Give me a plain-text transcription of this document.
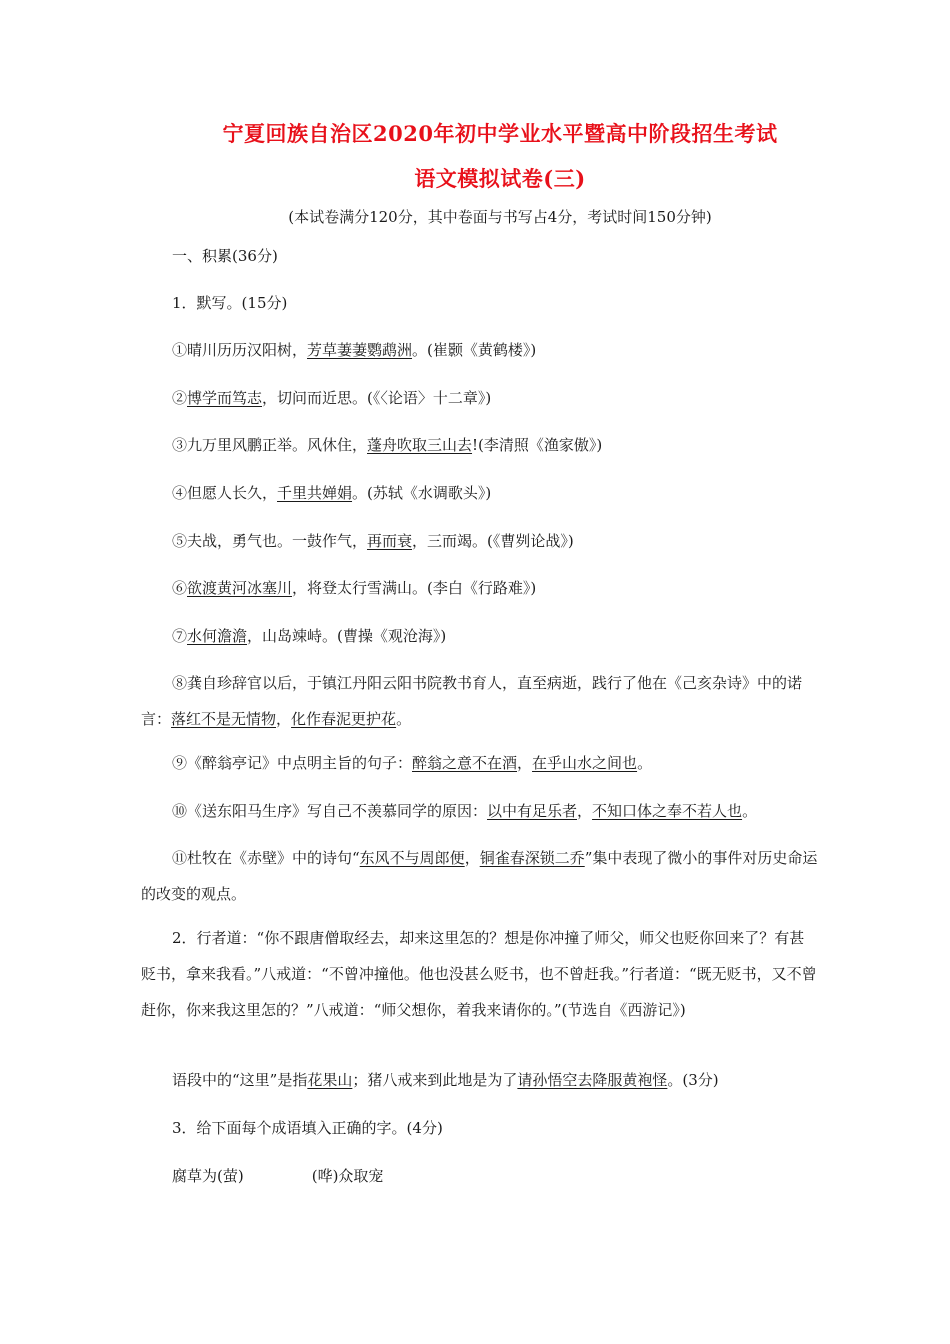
宁夏回族自治区2020年初中学业水平暨高中阶段招生考试
语文模拟试卷(三)
(本试卷满分120分，其中卷面与书写占4分，考试时间150分钟)
一、积累(36分)
1．默写。(15分)
①晴川历历汉阳树，芳草萋萋鹦鹉洲。(崔颢《黄鹤楼》)
②博学而笃志，切问而近思。(《〈论语〉十二章》)
③九万里风鹏正举。风休住，蓬舟吹取三山去!(李清照《渔家傲》)
④但愿人长久，千里共婵娟。(苏轼《水调歌头》)
⑤夫战，勇气也。一鼓作气，再而衰，三而竭。(《曹刿论战》)
⑥欲渡黄河冰塞川，将登太行雪满山。(李白《行路难》)
⑦水何澹澹，山岛竦峙。(曹操《观沧海》)
⑧龚自珍辞官以后，于镇江丹阳云阳书院教书育人，直至病逝，践行了他在《己亥杂诗》中的诺言：落红不是无情物，化作春泥更护花。
⑨《醉翁亭记》中点明主旨的句子：醉翁之意不在酒，在乎山水之间也。
⑩《送东阳马生序》写自己不羡慕同学的原因：以中有足乐者，不知口体之奉不若人也。
⑪杜牧在《赤壁》中的诗句“东风不与周郎便，铜雀春深锁二乔”集中表现了微小的事件对历史命运的改变的观点。
2．行者道：“你不跟唐僧取经去，却来这里怎的？想是你冲撞了师父，师父也贬你回来了？有甚贬书，拿来我看。”八戒道：“不曾冲撞他。他也没甚么贬书，也不曾赶我。”行者道：“既无贬书，又不曾赶你，你来我这里怎的？”八戒道：“师父想你，着我来请你的。”(节选自《西游记》)
语段中的“这里”是指花果山；猪八戒来到此地是为了请孙悟空去降服黄袍怪。(3分)
3．给下面每个成语填入正确的字。(4分)
腐草为(萤)	(哗)众取宠
